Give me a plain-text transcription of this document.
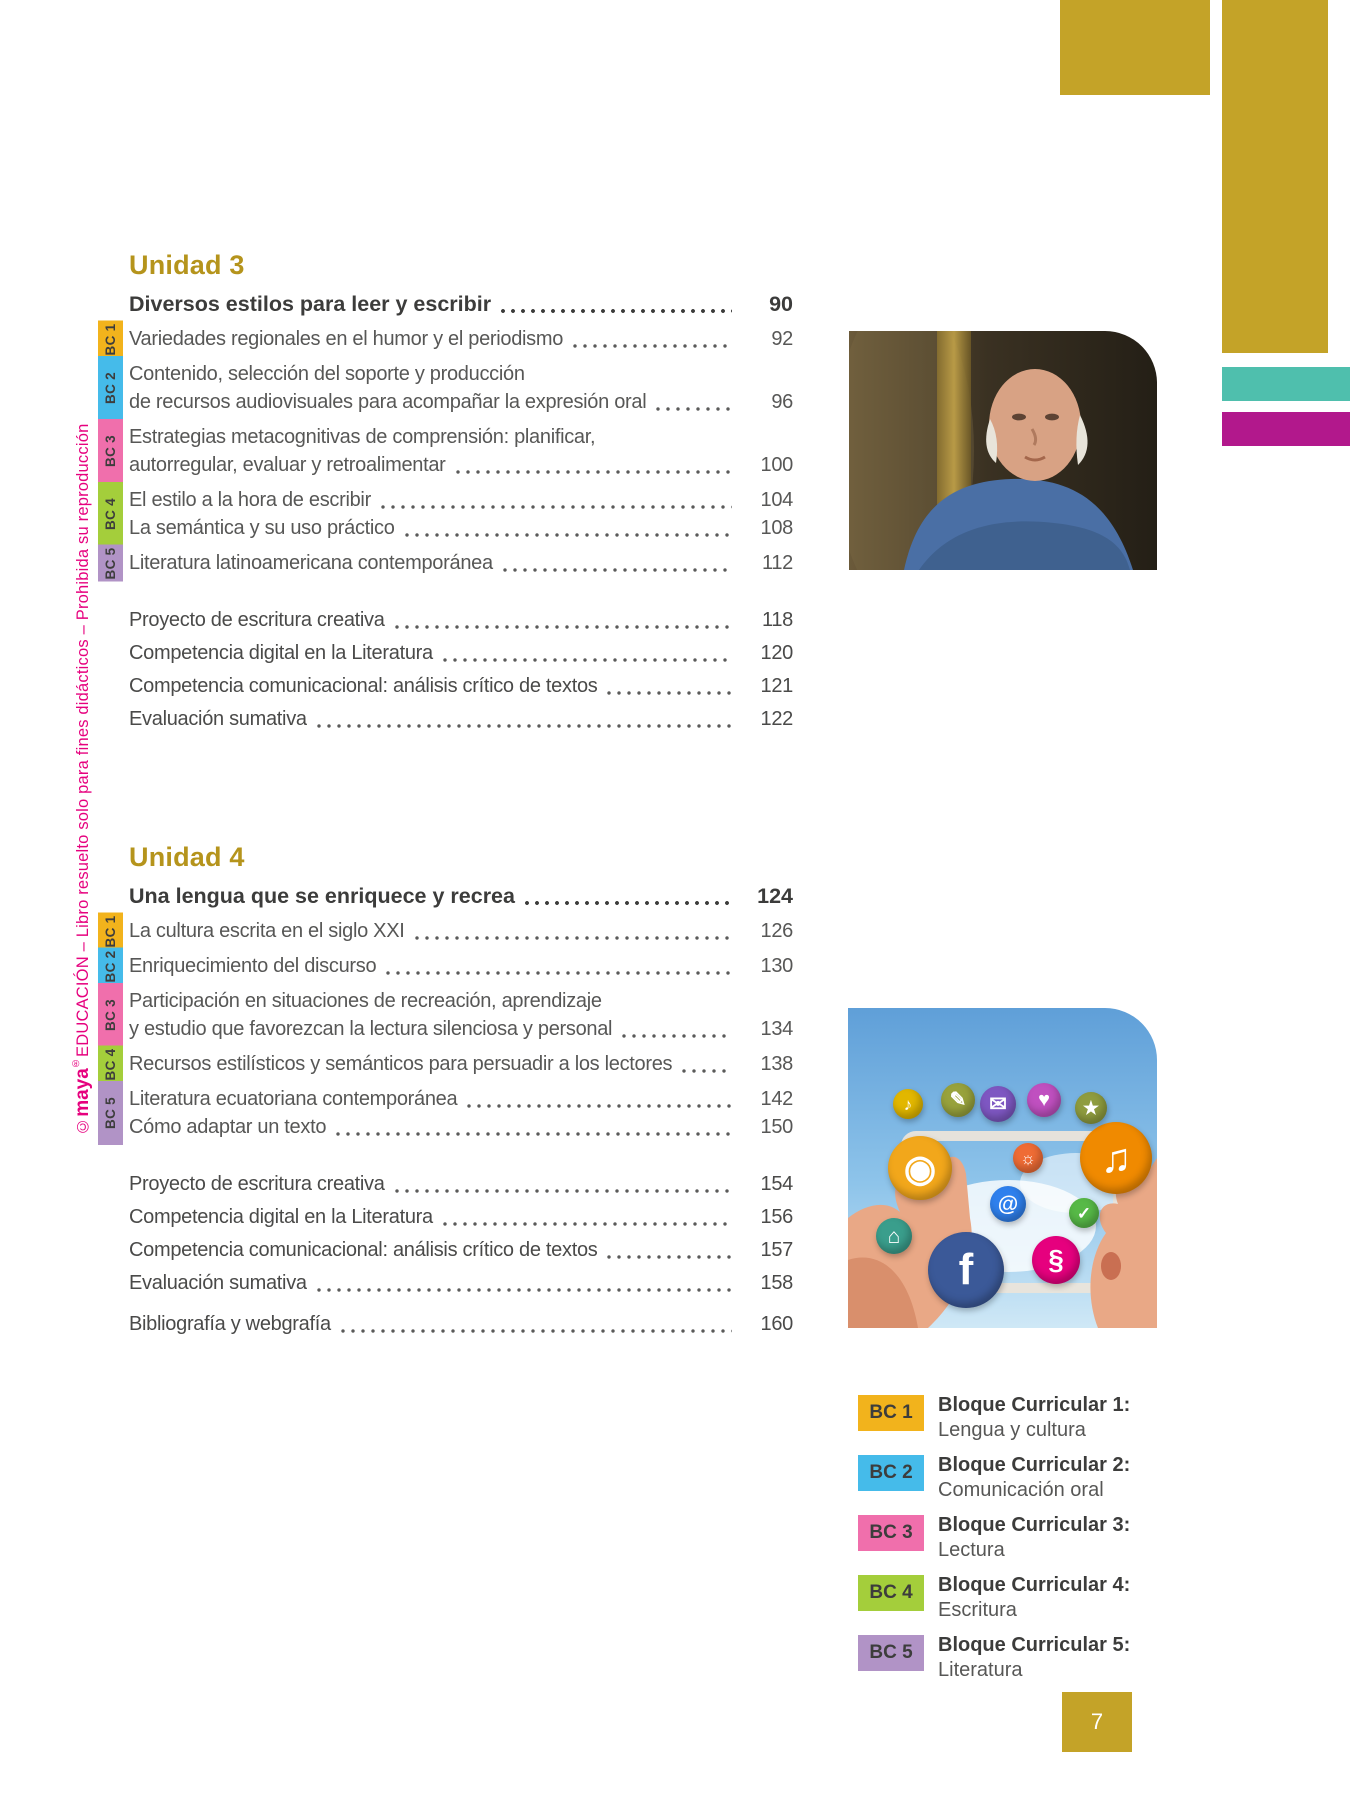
©maya®EDUCACIÓN – Libro resuelto solo para fines didácticos – Prohibida su reproducción
Unidad 3
Diversos estilos para leer y escribir	90
BC 1 Variedades regionales en el humor y el periodismo	92
BC 2 Contenido, selección del soporte y producción
de recursos audiovisuales para acompañar la expresión oral	96
BC 3 Estrategias metacognitivas de comprensión: planificar,
autorregular, evaluar y retroalimentar	100
BC 4 El estilo a la hora de escribir	104
La semántica y su uso práctico	108
BC 5 Literatura latinoamericana contemporánea	112
Proyecto de escritura creativa	118
Competencia digital en la Literatura	120
Competencia comunicacional: análisis crítico de textos	121
Evaluación sumativa	122
Unidad 4
Una lengua que se enriquece y recrea	124
BC 1 La cultura escrita en el siglo XXI	126
BC 2 Enriquecimiento del discurso	130
BC 3 Participación en situaciones de recreación, aprendizaje
y estudio que favorezcan la lectura silenciosa y personal	134
BC 4 Recursos estilísticos y semánticos para persuadir a los lectores	138
BC 5 Literatura ecuatoriana contemporánea	142
Cómo adaptar un texto	150
Proyecto de escritura creativa	154
Competencia digital en la Literatura	156
Competencia comunicacional: análisis crítico de textos	157
Evaluación sumativa	158
Bibliografía y webgrafía	160
f
♫
◉
§
@
✉
✎	♥	★
♪
⌂
✓
☼
BC 1	Bloque Curricular 1:
Lengua y cultura
BC 2	Bloque Curricular 2:
Comunicación oral
BC 3	Bloque Curricular 3:
Lectura
BC 4	Bloque Curricular 4:
Escritura
BC 5	Bloque Curricular 5:
Literatura
7
